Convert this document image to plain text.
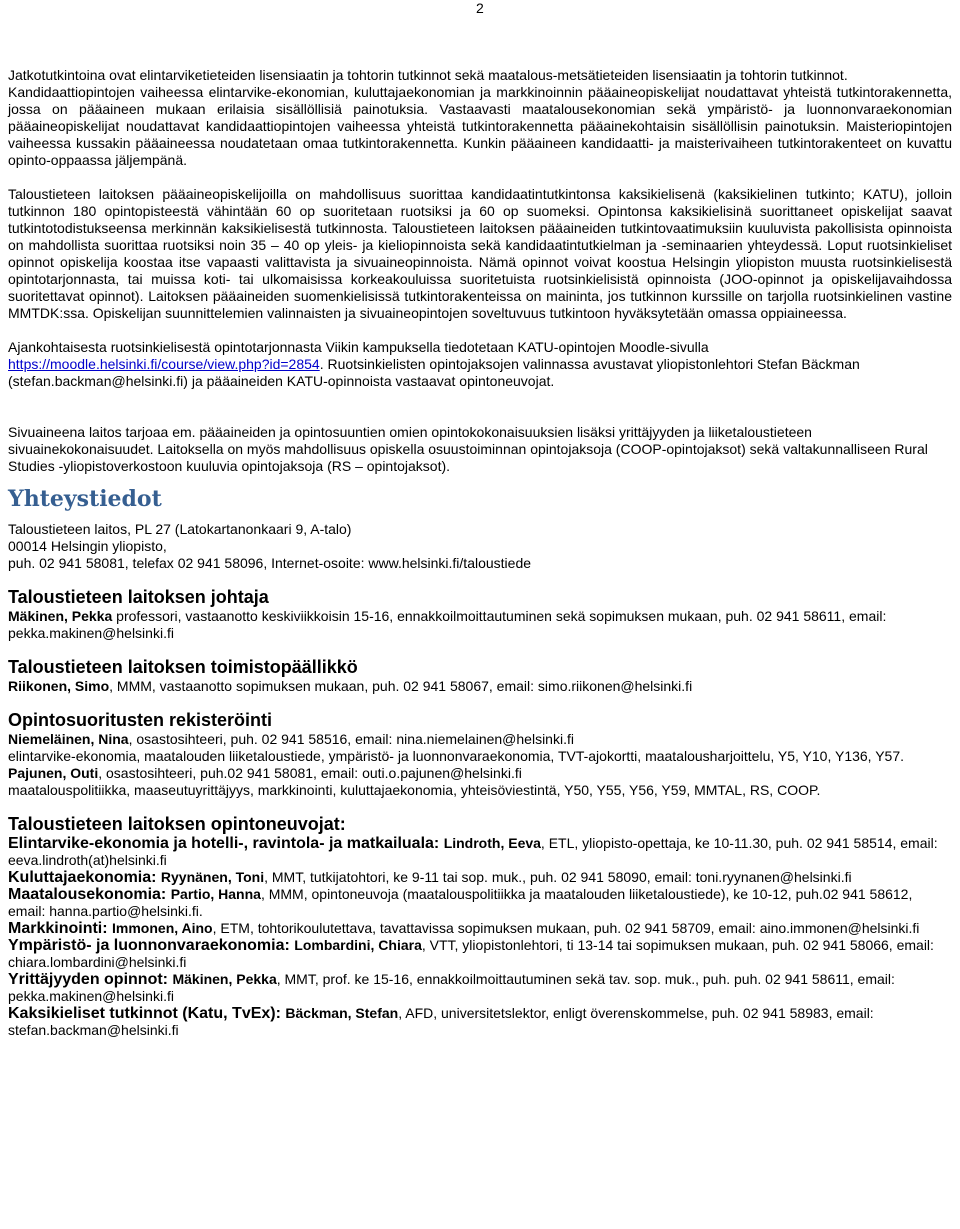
2

Jatkotutkintoina ovat elintarviketieteiden lisensiaatin ja tohtorin tutkinnot sekä maatalous-metsätieteiden lisensiaatin ja tohtorin tutkinnot.

Kandidaattiopintojen vaiheessa elintarvike-ekonomian, kuluttajaekonomian ja markkinoinnin pääaineopiskelijat noudattavat yhteistä tutkintorakennetta, jossa on pääaineen mukaan erilaisia sisällöllisiä painotuksia. Vastaavasti maatalousekonomian sekä ympäristö- ja luonnonvaraekonomian pääaineopiskelijat noudattavat kandidaattiopintojen vaiheessa yhteistä tutkintorakennetta pääainekohtaisin sisällöllisin painotuksin. Maisteriopintojen vaiheessa kussakin pääaineessa noudatetaan omaa tutkintorakennetta. Kunkin pääaineen kandidaatti- ja maisterivaiheen tutkintorakenteet on kuvattu opinto-oppaassa jäljempänä.

Taloustieteen laitoksen pääaineopiskelijoilla on mahdollisuus suorittaa kandidaatintutkintonsa kaksikielisenä (kaksikielinen tutkinto; KATU), jolloin tutkinnon 180 opintopisteestä vähintään 60 op suoritetaan ruotsiksi ja 60 op suomeksi. Opintonsa kaksikielisinä suorittaneet opiskelijat saavat tutkintotodistukseensa merkinnän kaksikielisestä tutkinnosta. Taloustieteen laitoksen pääaineiden tutkintovaatimuksiin kuuluvista pakollisista opinnoista on mahdollista suorittaa ruotsiksi noin 35 – 40 op yleis- ja kieliopinnoista sekä kandidaatintutkielman ja -seminaarien yhteydessä. Loput ruotsinkieliset opinnot opiskelija koostaa itse vapaasti valittavista ja sivuaineopinnoista. Nämä opinnot voivat koostua Helsingin yliopiston muusta ruotsinkielisestä opintotarjonnasta, tai muissa koti- tai ulkomaisissa korkeakouluissa suoritetuista ruotsinkielisistä opinnoista (JOO-opinnot ja opiskelijavaihdossa suoritettavat opinnot). Laitoksen pääaineiden suomenkielisissä tutkintorakenteissa on maininta, jos tutkinnon kurssille on tarjolla ruotsinkielinen vastine MMTDK:ssa. Opiskelijan suunnittelemien valinnaisten ja sivuaineopintojen soveltuvuus tutkintoon hyväksytetään omassa oppiaineessa.

Ajankohtaisesta ruotsinkielisestä opintotarjonnasta Viikin kampuksella tiedotetaan KATU-opintojen Moodle-sivulla https://moodle.helsinki.fi/course/view.php?id=2854. Ruotsinkielisten opintojaksojen valinnassa avustavat yliopistonlehtori Stefan Bäckman (stefan.backman@helsinki.fi) ja pääaineiden KATU-opinnoista vastaavat opintoneuvojat.

Sivuaineena laitos tarjoaa em. pääaineiden ja opintosuuntien omien opintokokonaisuuksien lisäksi yrittäjyyden ja liiketaloustieteen sivuainekokonaisuudet. Laitoksella on myös mahdollisuus opiskella osuustoiminnan opintojaksoja (COOP-opintojaksot) sekä valtakunnalliseen Rural Studies -yliopistoverkostoon kuuluvia opintojaksoja (RS – opintojaksot).

Yhteystiedot

Taloustieteen laitos, PL 27 (Latokartanonkaari 9, A-talo)

00014 Helsingin yliopisto,

puh. 02 941 58081, telefax 02 941 58096, Internet-osoite: www.helsinki.fi/taloustiede

Taloustieteen laitoksen johtaja

Mäkinen, Pekka professori, vastaanotto keskiviikkoisin 15-16, ennakkoilmoittautuminen sekä sopimuksen mukaan, puh. 02 941 58611, email: pekka.makinen@helsinki.fi

Taloustieteen laitoksen toimistopäällikkö

Riikonen, Simo, MMM, vastaanotto sopimuksen mukaan, puh. 02 941 58067, email: simo.riikonen@helsinki.fi

Opintosuoritusten rekisteröinti

Niemeläinen, Nina, osastosihteeri, puh. 02 941 58516, email: nina.niemelainen@helsinki.fi

elintarvike-ekonomia, maatalouden liiketaloustiede, ympäristö- ja luonnonvaraekonomia, TVT-ajokortti, maatalousharjoittelu, Y5, Y10, Y136, Y57.

Pajunen, Outi, osastosihteeri, puh.02 941 58081, email: outi.o.pajunen@helsinki.fi

maatalouspolitiikka, maaseutuyrittäjyys, markkinointi, kuluttajaekonomia, yhteisöviestintä, Y50, Y55, Y56, Y59, MMTAL, RS, COOP.

Taloustieteen laitoksen opintoneuvojat:

Elintarvike-ekonomia ja hotelli-, ravintola- ja matkailuala: Lindroth, Eeva, ETL, yliopisto-opettaja, ke 10-11.30, puh. 02 941 58514, email: eeva.lindroth(at)helsinki.fi

Kuluttajaekonomia: Ryynänen, Toni, MMT, tutkijatohtori, ke 9-11 tai sop. muk., puh. 02 941 58090, email: toni.ryynanen@helsinki.fi

Maatalousekonomia: Partio, Hanna, MMM, opintoneuvoja (maatalouspolitiikka ja maatalouden liiketaloustiede), ke 10-12, puh.02 941 58612, email: hanna.partio@helsinki.fi.

Markkinointi: Immonen, Aino, ETM, tohtorikoulutettava, tavattavissa sopimuksen mukaan, puh. 02 941 58709, email: aino.immonen@helsinki.fi

Ympäristö- ja luonnonvaraekonomia: Lombardini, Chiara, VTT, yliopistonlehtori, ti 13-14 tai sopimuksen mukaan, puh. 02 941 58066, email: chiara.lombardini@helsinki.fi

Yrittäjyyden opinnot: Mäkinen, Pekka, MMT, prof. ke 15-16, ennakkoilmoittautuminen sekä tav. sop. muk., puh. puh. 02 941 58611, email: pekka.makinen@helsinki.fi

Kaksikieliset tutkinnot (Katu, TvEx): Bäckman, Stefan, AFD, universitetslektor, enligt överenskommelse, puh. 02 941 58983, email: stefan.backman@helsinki.fi
